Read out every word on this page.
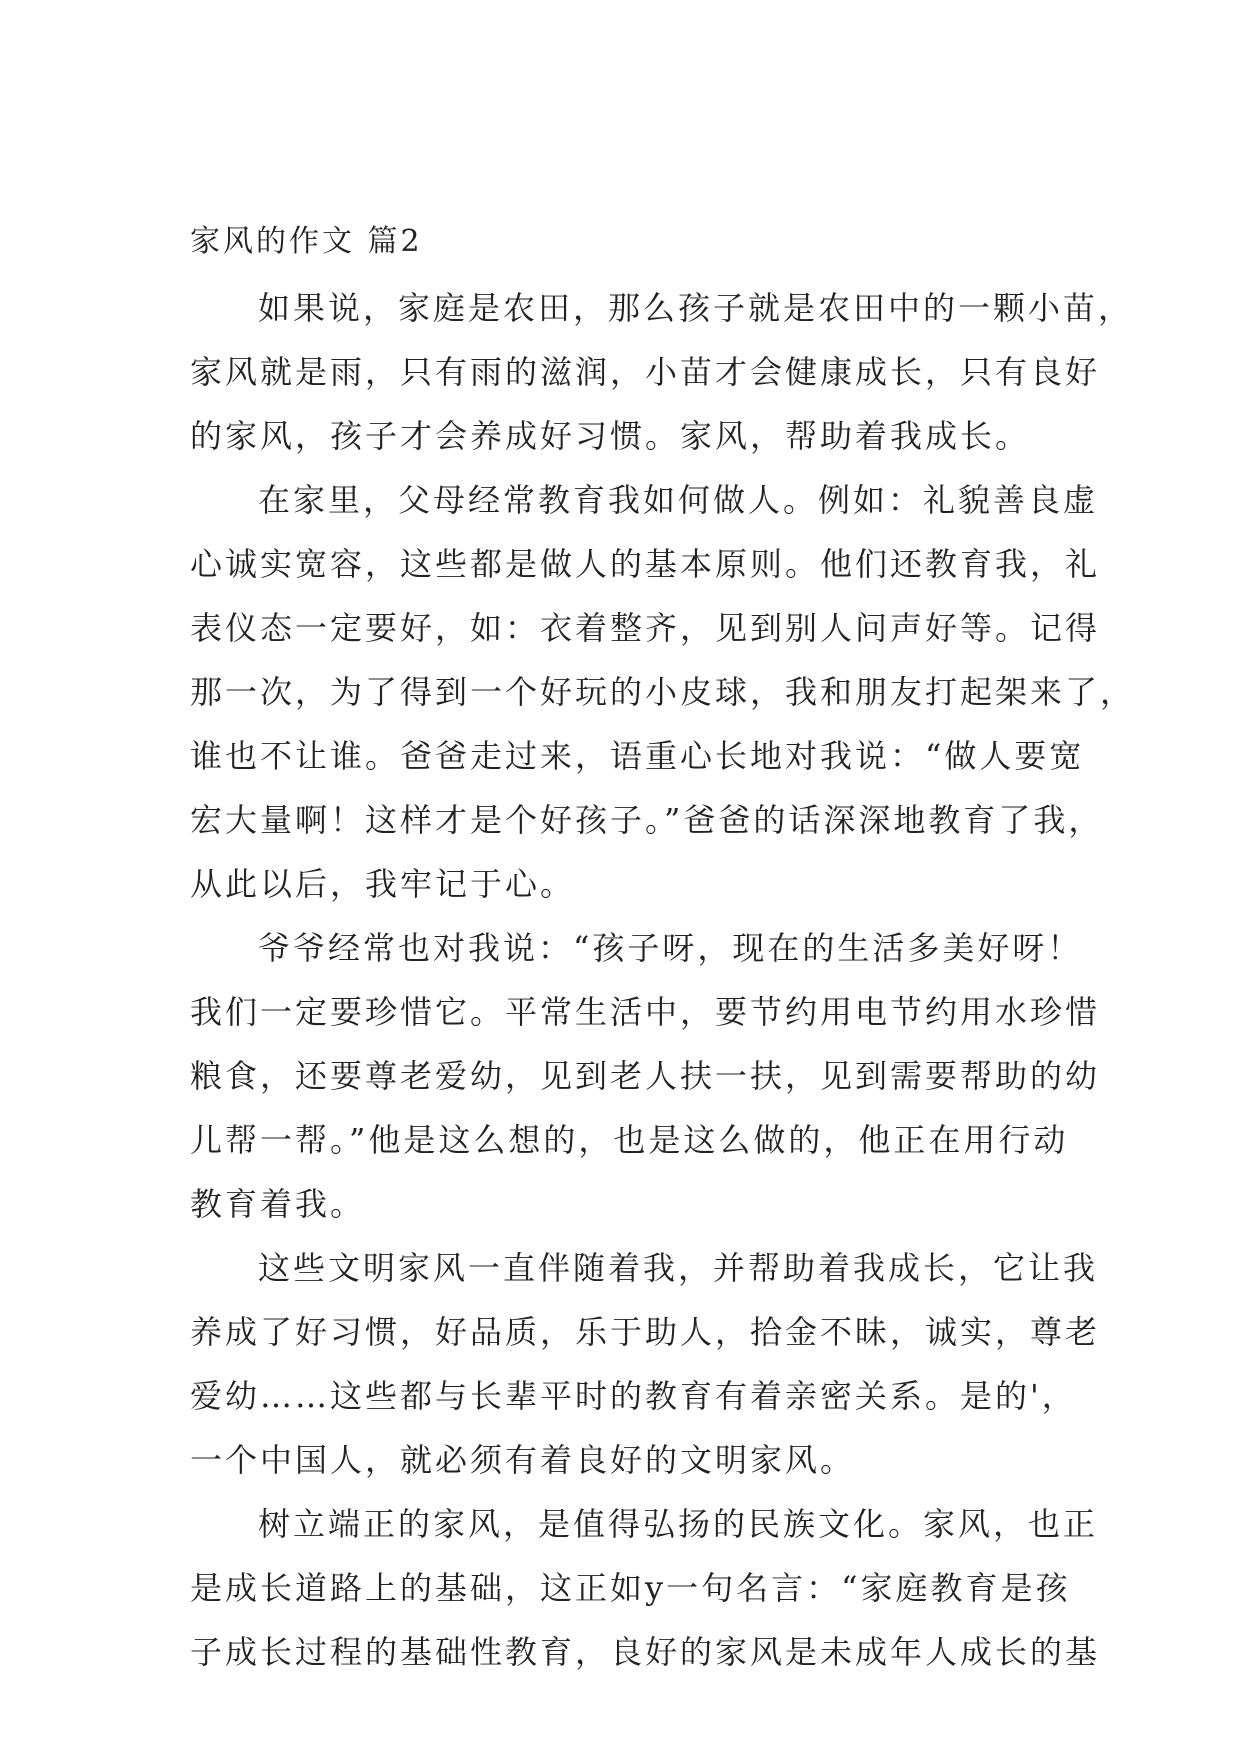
家风的作文 篇2

如果说，家庭是农田，那么孩子就是农田中的一颗小苗，
家风就是雨，只有雨的滋润，小苗才会健康成长，只有良好
的家风，孩子才会养成好习惯。家风，帮助着我成长。

在家里，父母经常教育我如何做人。例如：礼貌善良虚
心诚实宽容，这些都是做人的基本原则。他们还教育我，礼
表仪态一定要好，如：衣着整齐，见到别人问声好等。记得
那一次，为了得到一个好玩的小皮球，我和朋友打起架来了，
谁也不让谁。爸爸走过来，语重心长地对我说：“做人要宽
宏大量啊！这样才是个好孩子。”爸爸的话深深地教育了我，
从此以后，我牢记于心。

爷爷经常也对我说：“孩子呀，现在的生活多美好呀！
我们一定要珍惜它。平常生活中，要节约用电节约用水珍惜
粮食，还要尊老爱幼，见到老人扶一扶，见到需要帮助的幼
儿帮一帮。”他是这么想的，也是这么做的，他正在用行动
教育着我。

这些文明家风一直伴随着我，并帮助着我成长，它让我
养成了好习惯，好品质，乐于助人，拾金不昧，诚实，尊老
爱幼……这些都与长辈平时的教育有着亲密关系。是的'，
一个中国人，就必须有着良好的文明家风。

树立端正的家风，是值得弘扬的民族文化。家风，也正
是成长道路上的基础，这正如y一句名言：“家庭教育是孩
子成长过程的基础性教育，良好的家风是未成年人成长的基
